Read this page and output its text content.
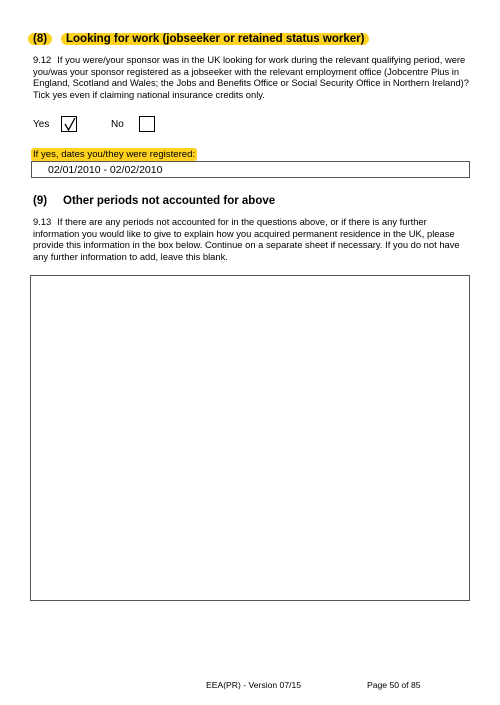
(8)	Looking for work (jobseeker or retained status worker)
9.12 If you were/your sponsor was in the UK looking for work during the relevant qualifying period, were you/was your sponsor registered as a jobseeker with the relevant employment office (Jobcentre Plus in England, Scotland and Wales; the Jobs and Benefits Office or Social Security Office in Northern Ireland)? Tick yes even if claiming national insurance credits only.
Yes	No
If yes, dates you/they were registered:
02/01/2010 - 02/02/2010
(9) Other periods not accounted for above
9.13 If there are any periods not accounted for in the questions above, or if there is any further information you would like to give to explain how you acquired permanent residence in the UK, please provide this information in the box below. Continue on a separate sheet if necessary. If you do not have any further information to add, leave this blank.
EEA(PR) - Version 07/15	Page 50 of 85
